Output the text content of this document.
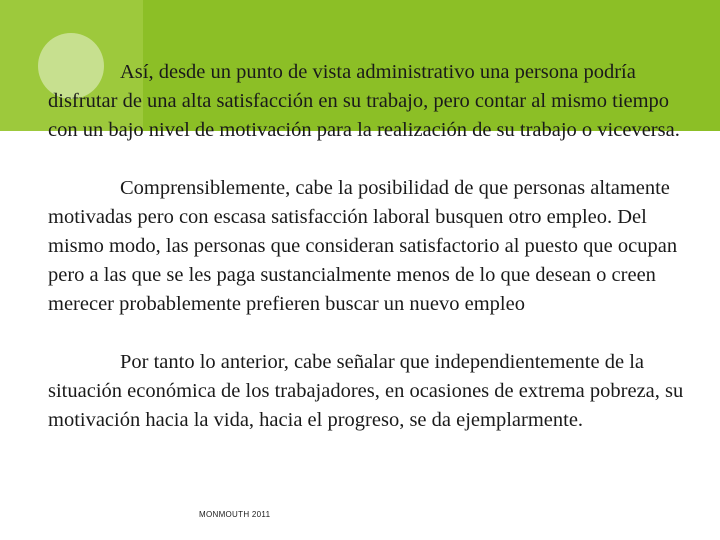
Así, desde un punto de vista administrativo una persona podría disfrutar de una alta satisfacción en su trabajo, pero contar al mismo tiempo con un bajo nivel de motivación para la realización de su trabajo o viceversa.

Comprensiblemente, cabe la posibilidad de que personas altamente motivadas pero con escasa satisfacción laboral busquen otro empleo. Del mismo modo, las personas que consideran satisfactorio al puesto que ocupan pero a las que se les paga sustancialmente menos de lo que desean o creen merecer probablemente prefieren buscar un nuevo empleo

Por tanto lo anterior, cabe señalar que independientemente de la situación económica de los trabajadores, en ocasiones de extrema pobreza, su motivación hacia la vida, hacia el progreso, se da ejemplarmente.

MONMOUTH 2011
